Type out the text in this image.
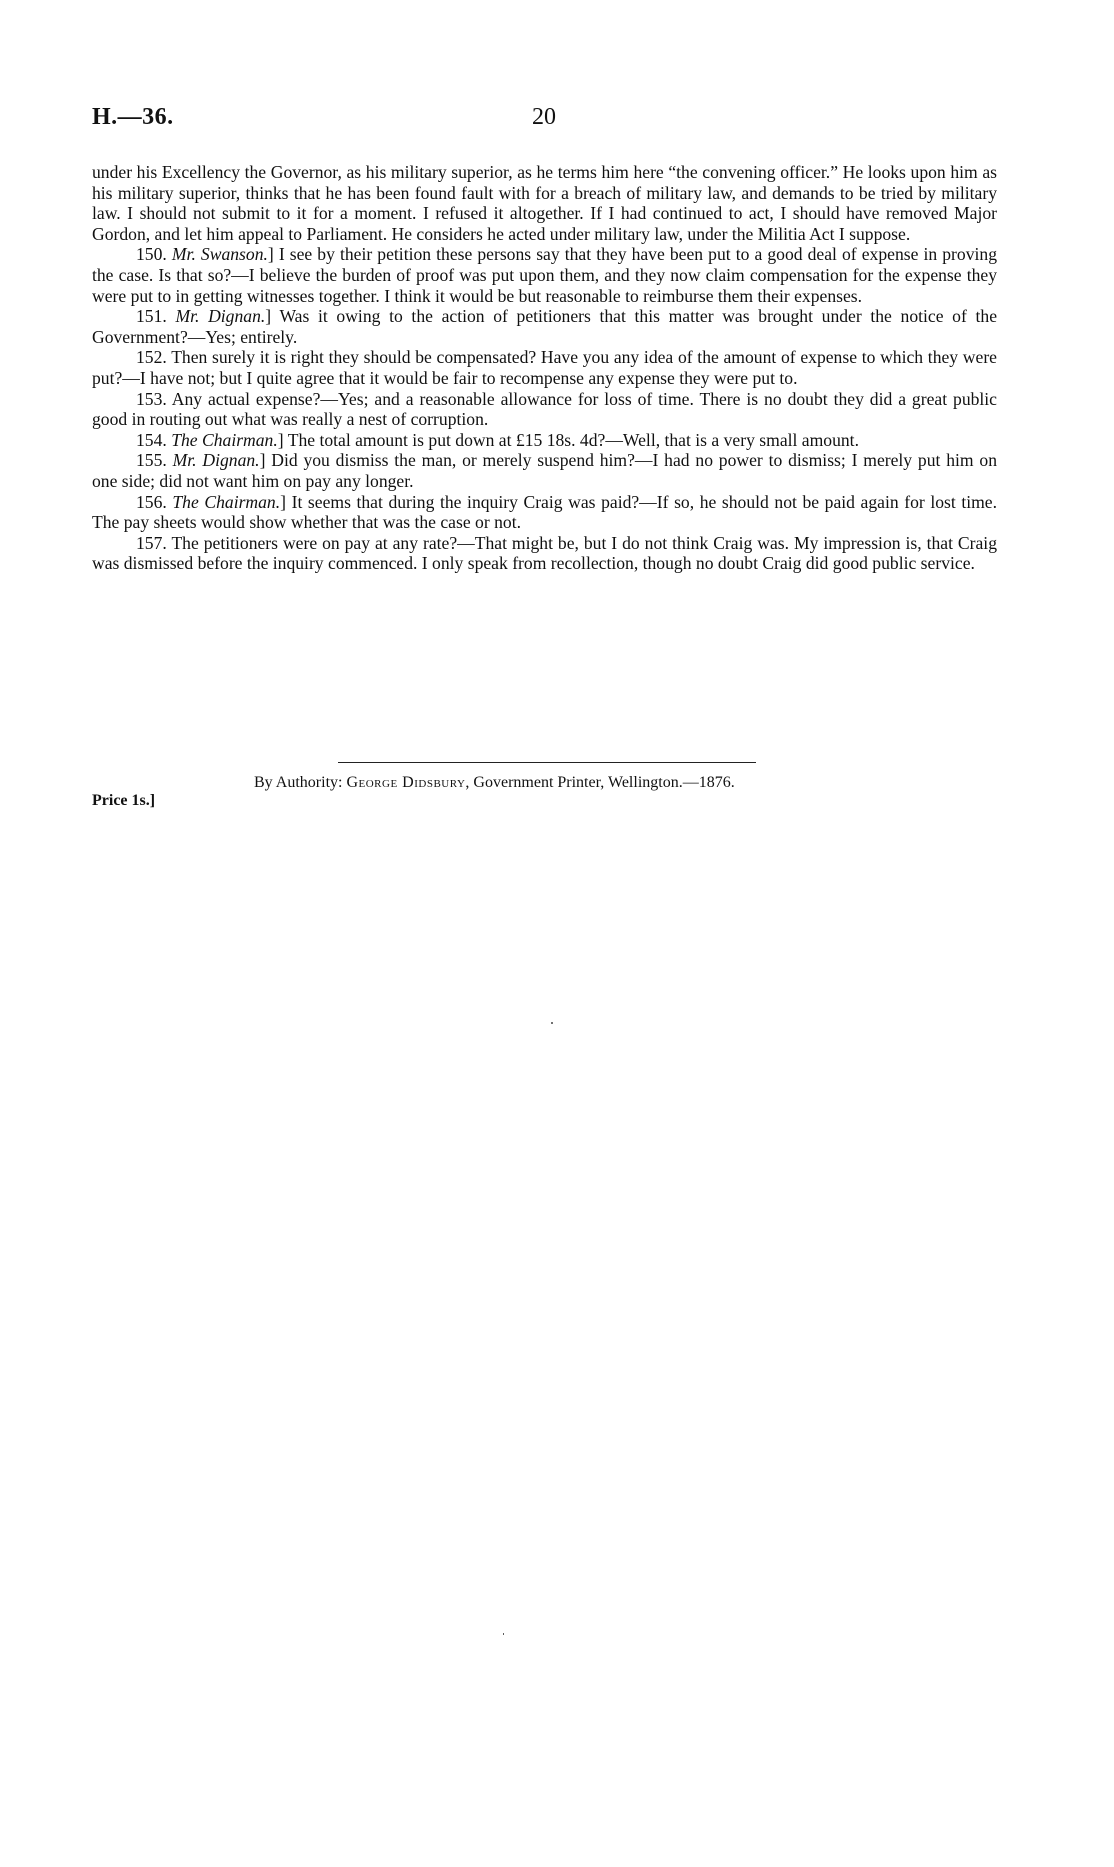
H.—36.	20

under his Excellency the Governor, as his military superior, as he terms him here “the convening officer.” He looks upon him as his military superior, thinks that he has been found fault with for a breach of military law, and demands to be tried by military law. I should not submit to it for a moment. I refused it altogether. If I had continued to act, I should have removed Major Gordon, and let him appeal to Parliament. He considers he acted under military law, under the Militia Act I suppose.

150. Mr. Swanson.] I see by their petition these persons say that they have been put to a good deal of expense in proving the case. Is that so?—I believe the burden of proof was put upon them, and they now claim compensation for the expense they were put to in getting witnesses together. I think it would be but reasonable to reimburse them their expenses.

151. Mr. Dignan.] Was it owing to the action of petitioners that this matter was brought under the notice of the Government?—Yes; entirely.

152. Then surely it is right they should be compensated? Have you any idea of the amount of expense to which they were put?—I have not; but I quite agree that it would be fair to recompense any expense they were put to.

153. Any actual expense?—Yes; and a reasonable allowance for loss of time. There is no doubt they did a great public good in routing out what was really a nest of corruption.

154. The Chairman.] The total amount is put down at £15 18s. 4d?—Well, that is a very small amount.

155. Mr. Dignan.] Did you dismiss the man, or merely suspend him?—I had no power to dismiss; I merely put him on one side; did not want him on pay any longer.

156. The Chairman.] It seems that during the inquiry Craig was paid?—If so, he should not be paid again for lost time. The pay sheets would show whether that was the case or not.

157. The petitioners were on pay at any rate?—That might be, but I do not think Craig was. My impression is, that Craig was dismissed before the inquiry commenced. I only speak from recollection, though no doubt Craig did good public service.

By Authority: George Didsbury, Government Printer, Wellington.—1876.
Price 1s.]
